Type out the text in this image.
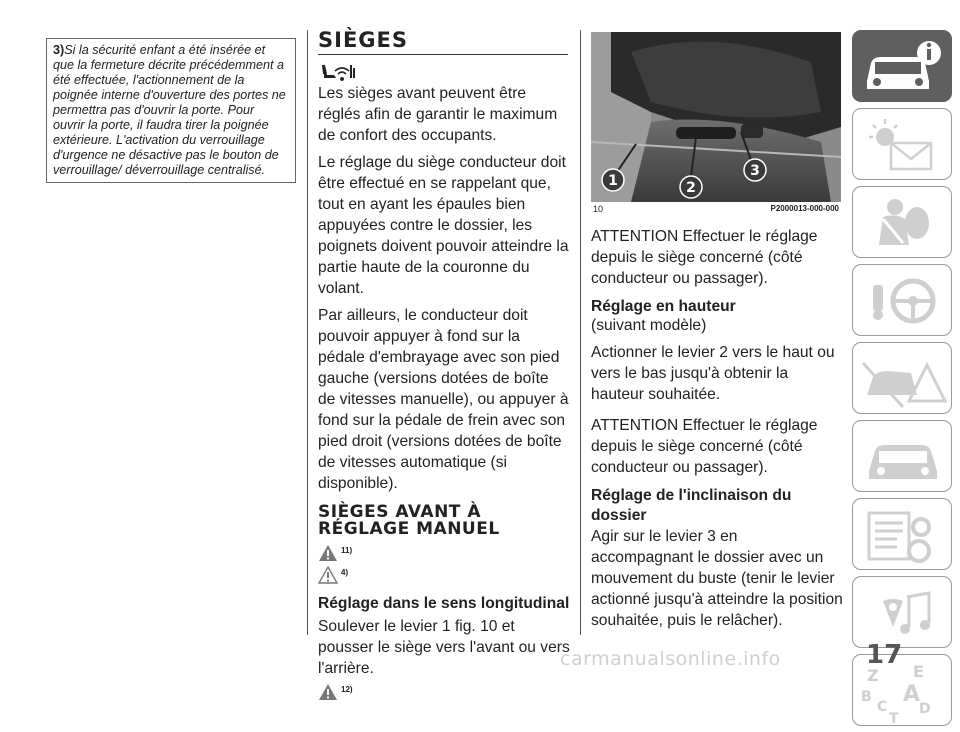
3)Si la sécurité enfant a été insérée et que la fermeture décrite précédemment a été effectuée, l'actionnement de la poignée interne d'ouverture des portes ne permettra pas d'ouvrir la porte. Pour ouvrir la porte, il faudra tirer la poignée extérieure. L'activation du verrouillage d'urgence ne désactive pas le bouton de verrouillage/ déverrouillage centralisé.
SIÈGES

Les sièges avant peuvent être réglés afin de garantir le maximum de confort des occupants.

Le réglage du siège conducteur doit être effectué en se rappelant que, tout en ayant les épaules bien appuyées contre le dossier, les poignets doivent pouvoir atteindre la partie haute de la couronne du volant.

Par ailleurs, le conducteur doit pouvoir appuyer à fond sur la pédale d'embrayage avec son pied gauche (versions dotées de boîte de vitesses manuelle), ou appuyer à fond sur la pédale de frein avec son pied droit (versions dotées de boîte de vitesses automatique (si disponible).

SIÈGES AVANT À
RÉGLAGE MANUEL
11)
4)
Réglage dans le sens longitudinal

Soulever le levier 1 fig. 10 et pousser le siège vers l'avant ou vers l'arrière.

12)
1	2
3
10	P2000013-000-000

ATTENTION Effectuer le réglage depuis le siège concerné (côté conducteur ou passager).

Réglage en hauteur

(suivant modèle)

Actionner le levier 2 vers le haut ou vers le bas jusqu'à obtenir la hauteur souhaitée.

ATTENTION Effectuer le réglage depuis le siège concerné (côté conducteur ou passager).

Réglage de l'inclinaison du dossier

Agir sur le levier 3 en accompagnant le dossier avec un mouvement du buste (tenir le levier actionné jusqu'à atteindre la position souhaitée, puis le relâcher).

Z E
B A
C D
T
17
carmanualsonline.info
